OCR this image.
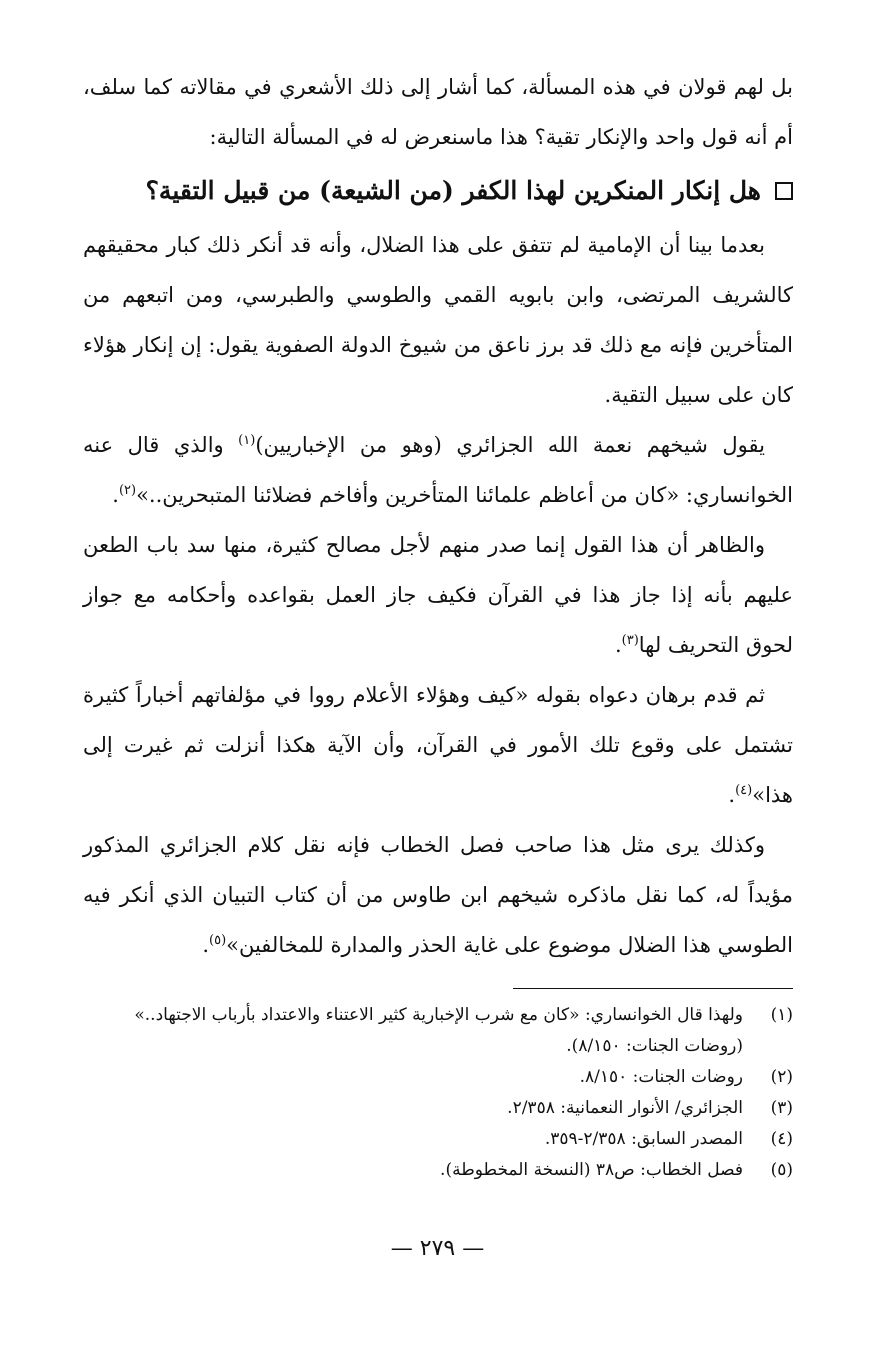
بل لهم قولان في هذه المسألة، كما أشار إلى ذلك الأشعري في مقالاته كما سلف، أم أنه قول واحد والإنكار تقية؟ هذا ماسنعرض له في المسألة التالية:

هل إنكار المنكرين لهذا الكفر (من الشيعة) من قبيل التقية؟

بعدما بينا أن الإمامية لم تتفق على هذا الضلال، وأنه قد أنكر ذلك كبار محقيقهم كالشريف المرتضى، وابن بابويه القمي والطوسي والطبرسي، ومن اتبعهم من المتأخرين فإنه مع ذلك قد برز ناعق من شيوخ الدولة الصفوية يقول: إن إنكار هؤلاء كان على سبيل التقية.

يقول شيخهم نعمة الله الجزائري (وهو من الإخباريين)$^{(١)}$ والذي قال عنه الخوانساري: «كان من أعاظم علمائنا المتأخرين وأفاخم فضلائنا المتبحرين..»$^{(٢)}$.

والظاهر أن هذا القول إنما صدر منهم لأجل مصالح كثيرة، منها سد باب الطعن عليهم بأنه إذا جاز هذا في القرآن فكيف جاز العمل بقواعده وأحكامه مع جواز لحوق التحريف لها$^{(٣)}$.

ثم قدم برهان دعواه بقوله «كيف وهؤلاء الأعلام رووا في مؤلفاتهم أخباراً كثيرة تشتمل على وقوع تلك الأمور في القرآن، وأن الآية هكذا أنزلت ثم غيرت إلى هذا»$^{(٤)}$.

وكذلك يرى مثل هذا صاحب فصل الخطاب فإنه نقل كلام الجزائري المذكور مؤيداً له، كما نقل ماذكره شيخهم ابن طاوس من أن كتاب التبيان الذي أنكر فيه الطوسي هذا الضلال موضوع على غاية الحذر والمدارة للمخالفين»$^{(٥)}$.

(١)
ولهذا قال الخوانساري: «كان مع شرب الإخبارية كثير الاعتناء والاعتداد بأرباب الاجتهاد..» (روضات الجنات: ٨/١٥٠).
(٢)
روضات الجنات: ٨/١٥٠.
(٣)
الجزائري/ الأنوار النعمانية: ٢/٣٥٨.
(٤)
المصدر السابق: ٢/٣٥٨-٣٥٩.
(٥)
فصل الخطاب: ص٣٨ (النسخة المخطوطة).
— ٢٧٩ —
